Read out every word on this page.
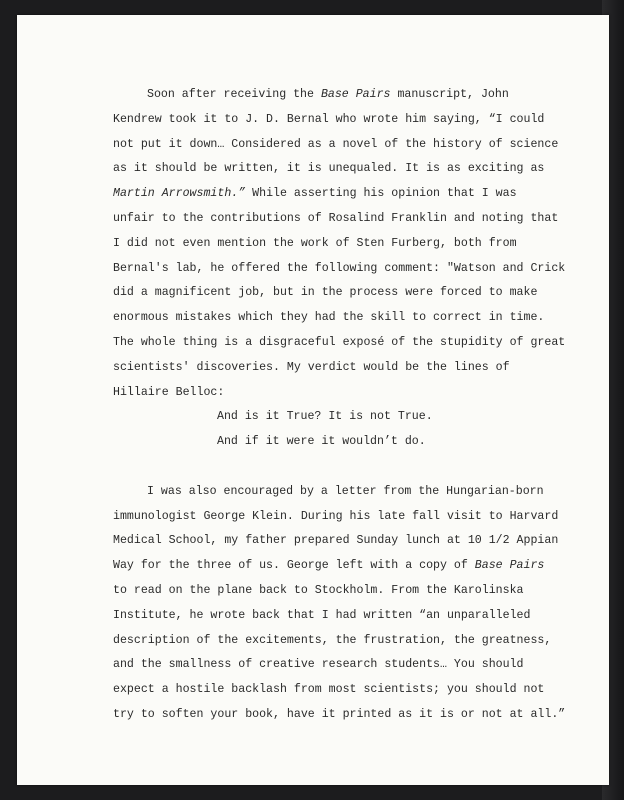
Soon after receiving the Base Pairs manuscript, John
Kendrew took it to J. D. Bernal who wrote him saying, “I could
not put it down… Considered as a novel of the history of science
as it should be written, it is unequaled. It is as exciting as
Martin Arrowsmith.” While asserting his opinion that I was
unfair to the contributions of Rosalind Franklin and noting that
I did not even mention the work of Sten Furberg, both from
Bernal's lab, he offered the following comment: "Watson and Crick
did a magnificent job, but in the process were forced to make
enormous mistakes which they had the skill to correct in time.
The whole thing is a disgraceful exposé of the stupidity of great
scientists' discoveries. My verdict would be the lines of
Hillaire Belloc:
And is it True? It is not True.
And if it were it wouldn’t do.
I was also encouraged by a letter from the Hungarian-born
immunologist George Klein. During his late fall visit to Harvard
Medical School, my father prepared Sunday lunch at 10 1/2 Appian
Way for the three of us. George left with a copy of Base Pairs
to read on the plane back to Stockholm. From the Karolinska
Institute, he wrote back that I had written “an unparalleled
description of the excitements, the frustration, the greatness,
and the smallness of creative research students… You should
expect a hostile backlash from most scientists; you should not
try to soften your book, have it printed as it is or not at all.”
